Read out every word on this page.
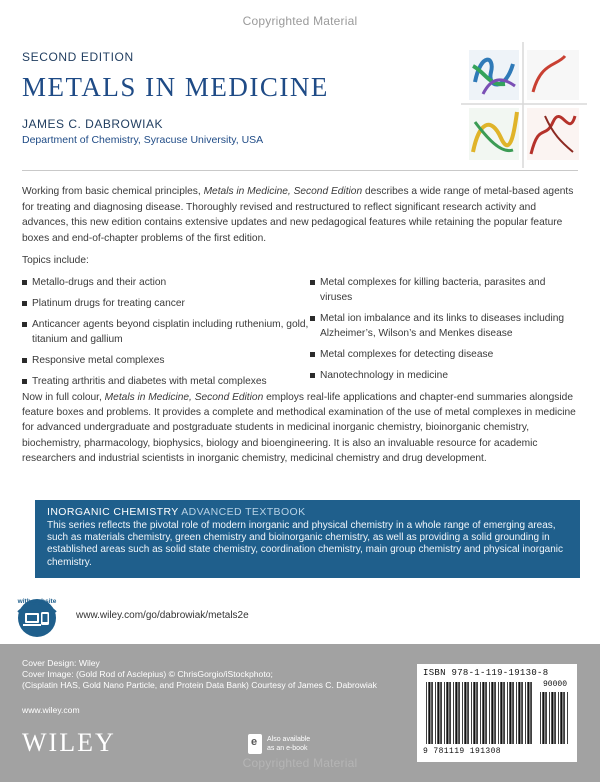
Copyrighted Material
SECOND EDITION
METALS IN MEDICINE
JAMES C. DABROWIAK
Department of Chemistry, Syracuse University, USA

Working from basic chemical principles, Metals in Medicine, Second Edition describes a wide range of metal-based agents for treating and diagnosing disease. Thoroughly revised and restructured to reflect significant research activity and advances, this new edition contains extensive updates and new pedagogical features while retaining the popular feature boxes and end-of-chapter problems of the first edition.

Topics include:
Metallo-drugs and their action
Platinum drugs for treating cancer
Anticancer agents beyond cisplatin including ruthenium, gold, titanium and gallium
Responsive metal complexes
Treating arthritis and diabetes with metal complexes
Metal complexes for killing bacteria, parasites and viruses
Metal ion imbalance and its links to diseases including Alzheimer’s, Wilson’s and Menkes disease
Metal complexes for detecting disease
Nanotechnology in medicine

Now in full colour, Metals in Medicine, Second Edition employs real-life applications and chapter-end summaries alongside feature boxes and problems. It provides a complete and methodical examination of the use of metal complexes in medicine for advanced undergraduate and postgraduate students in medicinal inorganic chemistry, bioinorganic chemistry, biochemistry, pharmacology, biophysics, biology and bioengineering. It is also an invaluable resource for academic researchers and industrial scientists in inorganic chemistry, medicinal chemistry and drug development.

INORGANIC CHEMISTRY ADVANCED TEXTBOOK
This series reflects the pivotal role of modern inorganic and physical chemistry in a whole range of emerging areas, such as materials chemistry, green chemistry and bioinorganic chemistry, as well as providing a solid grounding in established areas such as solid state chemistry, coordination chemistry, main group chemistry and physical inorganic chemistry.
with website
www.wiley.com/go/dabrowiak/metals2e
Cover Design: Wiley
Cover Image: (Gold Rod of Asclepius) © ChrisGorgio/iStockphoto;
(Cisplatin HAS, Gold Nano Particle, and Protein Data Bank) Courtesy of James C. Dabrowiak
www.wiley.com
WILEY
e	Also available
as an e-book
ISBN 978-1-119-19130-8
90000
9 781119 191308
Copyrighted Material
